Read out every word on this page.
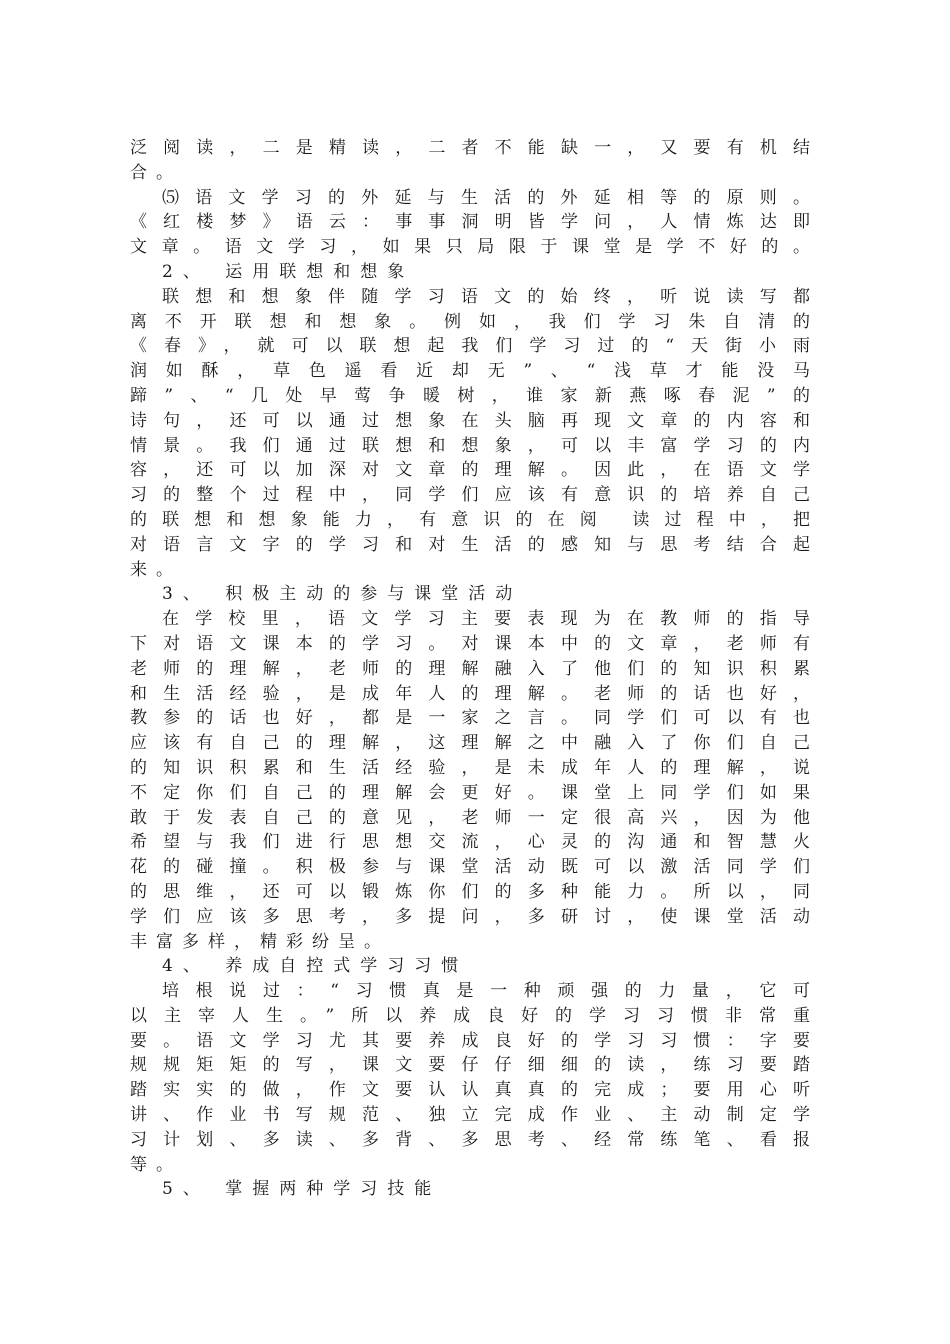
泛阅读，二是精读，二者不能缺一，又要有机结
合。
⑸语文学习的外延与生活的外延相等的原则。
《红楼梦》语云：事事洞明皆学问，人情炼达即
文章。语文学习，如果只局限于课堂是学不好的。
2、 运用联想和想象
联想和想象伴随学习语文的始终，听说读写都
离不开联想和想象。例如，我们学习朱自清的
《春》，就可以联想起我们学习过的“天街小雨
润如酥，草色遥看近却无”、“浅草才能没马
蹄”、“几处早莺争暖树，谁家新燕啄春泥”的
诗句，还可以通过想象在头脑再现文章的内容和
情景。我们通过联想和想象，可以丰富学习的内
容，还可以加深对文章的理解。因此，在语文学
习的整个过程中，同学们应该有意识的培养自己
的联想和想象能力，有意识的在阅 读过程中，把
对语言文字的学习和对生活的感知与思考结合起
来。
3、 积极主动的参与课堂活动
在学校里，语文学习主要表现为在教师的指导
下对语文课本的学习。对课本中的文章，老师有
老师的理解，老师的理解融入了他们的知识积累
和生活经验，是成年人的理解。老师的话也好，
教参的话也好，都是一家之言。同学们可以有也
应该有自己的理解，这理解之中融入了你们自己
的知识积累和生活经验，是未成年人的理解，说
不定你们自己的理解会更好。课堂上同学们如果
敢于发表自己的意见，老师一定很高兴，因为他
希望与我们进行思想交流，心灵的沟通和智慧火
花的碰撞。积极参与课堂活动既可以激活同学们
的思维，还可以锻炼你们的多种能力。所以，同
学们应该多思考，多提问，多研讨，使课堂活动
丰富多样，精彩纷呈。
4、 养成自控式学习习惯
培根说过：“习惯真是一种顽强的力量，它可
以主宰人生。”所以养成良好的学习习惯非常重
要。语文学习尤其要养成良好的学习习惯：字要
规规矩矩的写，课文要仔仔细细的读，练习要踏
踏实实的做，作文要认认真真的完成；要用心听
讲、作业书写规范、独立完成作业、主动制定学
习计划、多读、多背、多思考、经常练笔、看报
等。
5、 掌握两种学习技能
